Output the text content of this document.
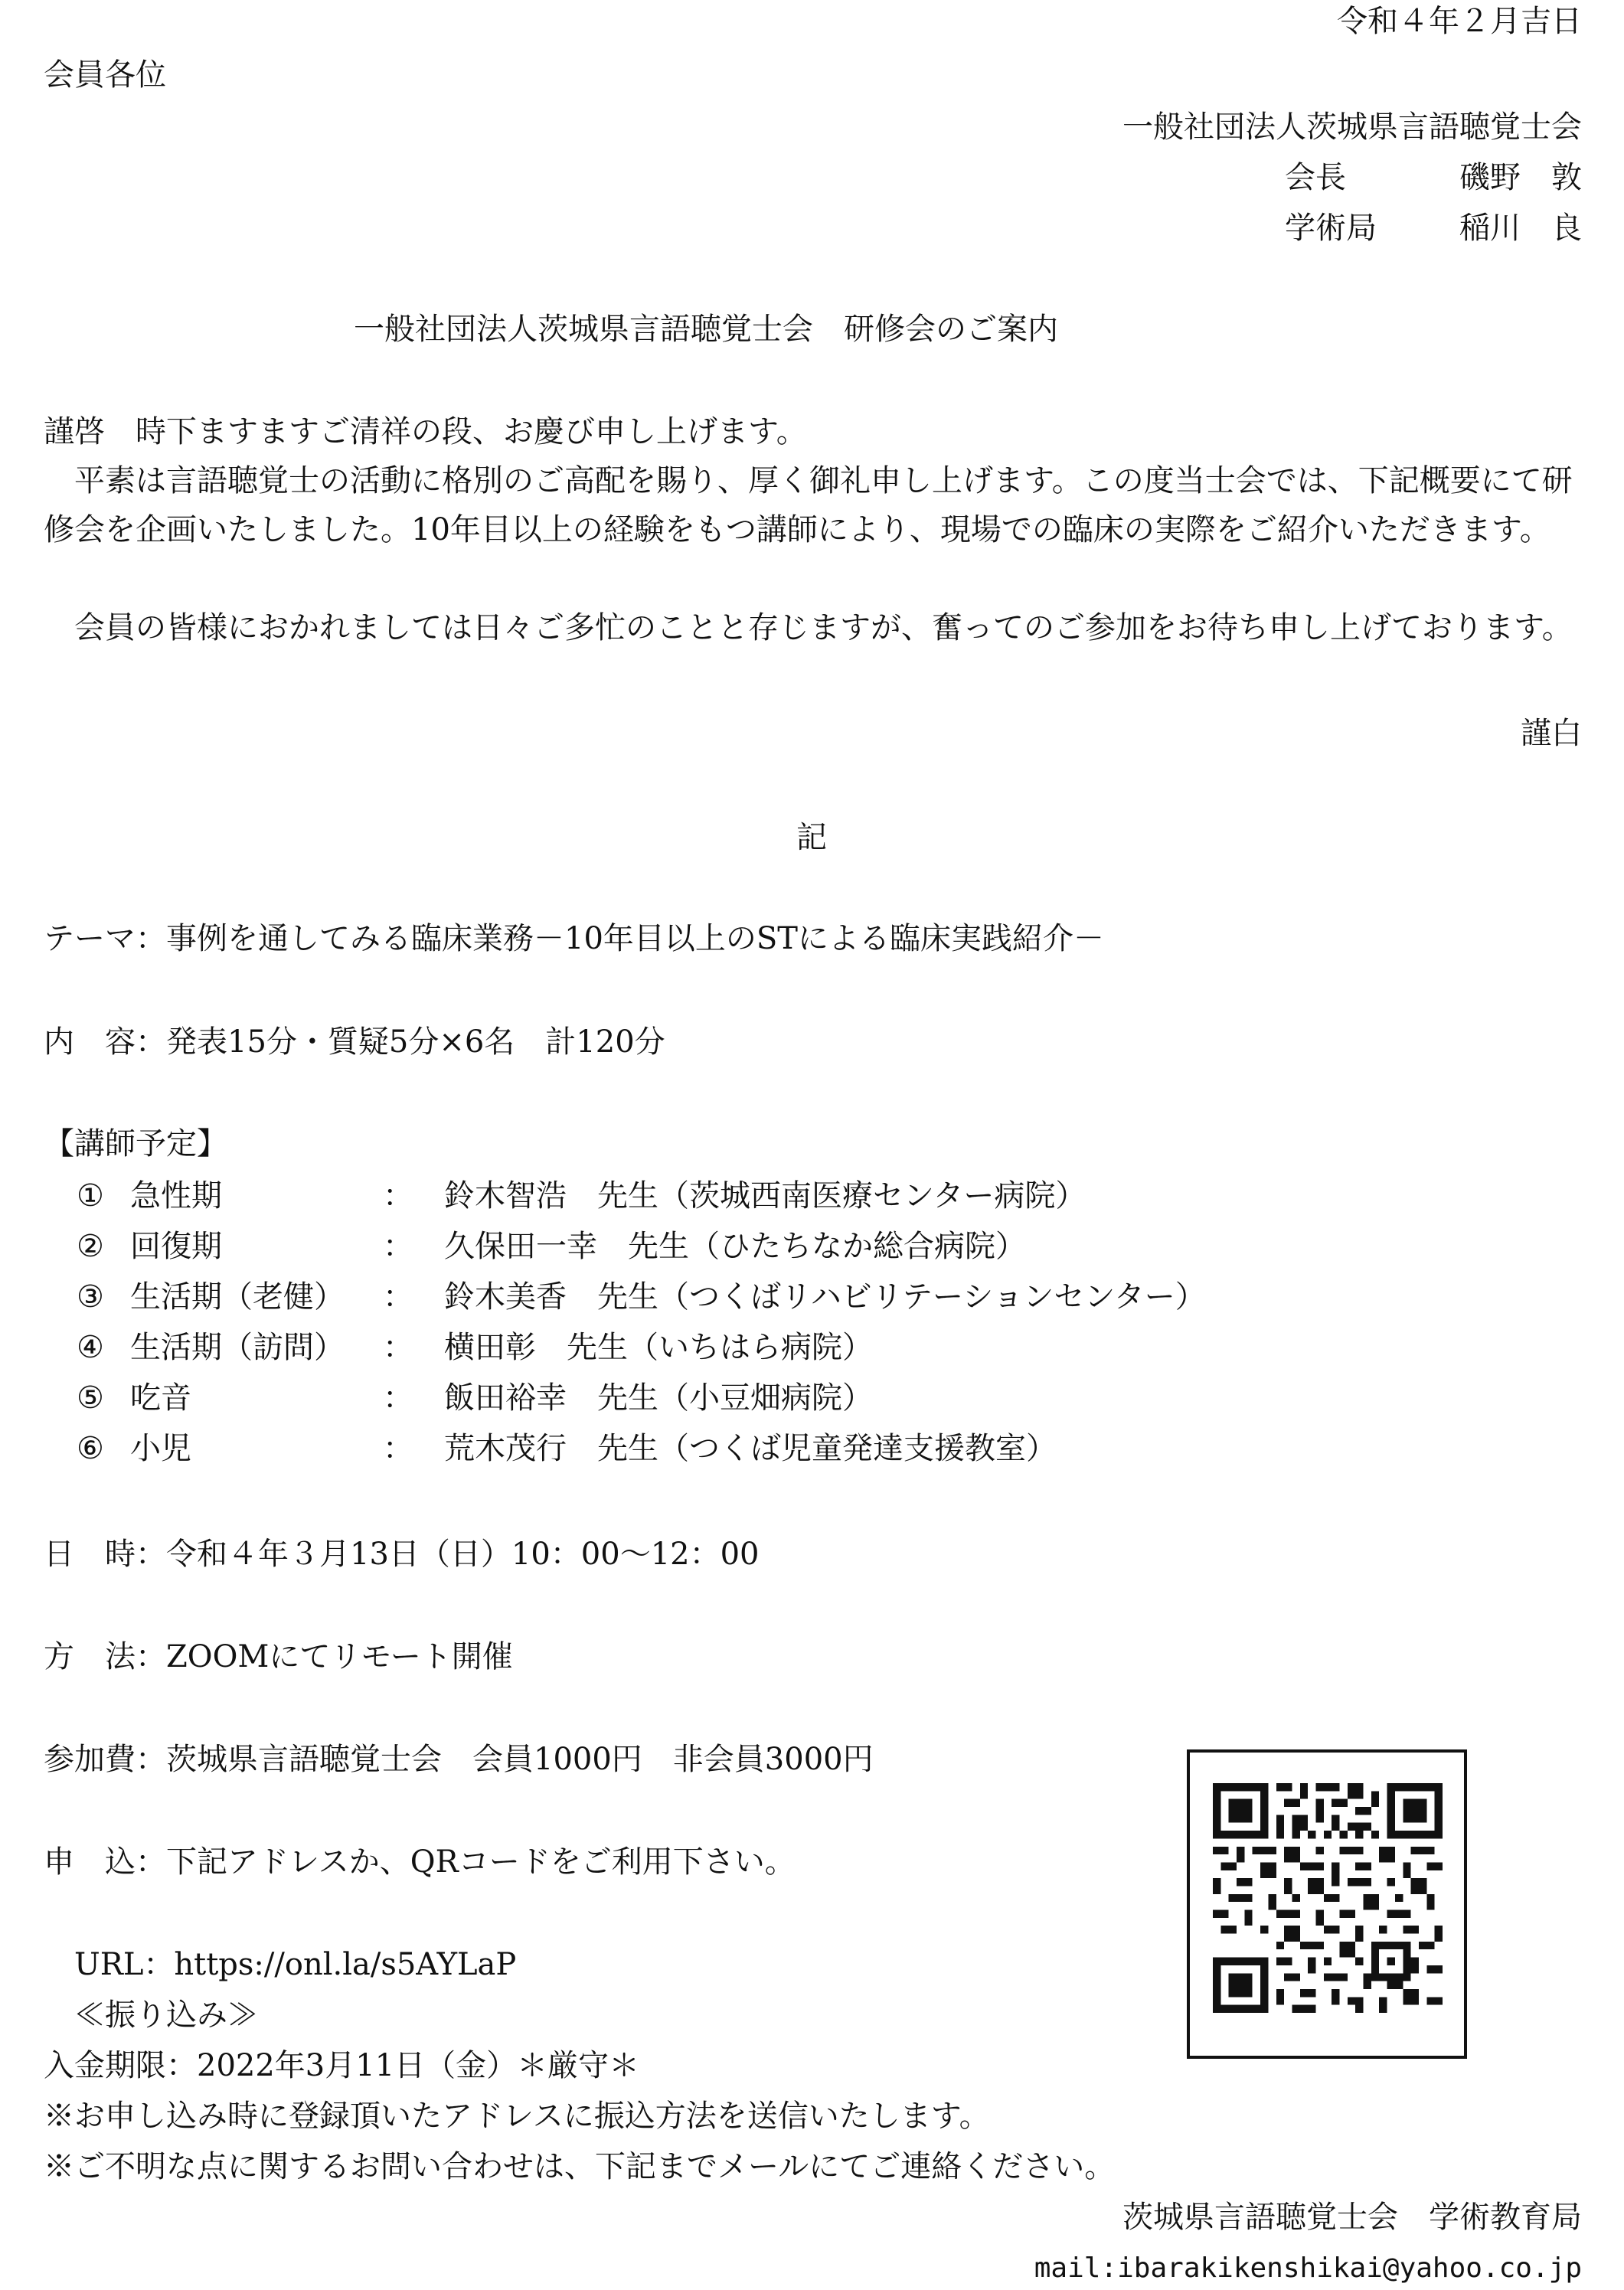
令和４年２月吉日
会員各位
一般社団法人茨城県言語聴覚士会
会長	磯野　敦
学術局	稲川　良
一般社団法人茨城県言語聴覚士会　研修会のご案内
謹啓　時下ますますご清祥の段、お慶び申し上げます。
平素は言語聴覚士の活動に格別のご高配を賜り、厚く御礼申し上げます。この度当士会では、下記概要にて研修会を企画いたしました。10年目以上の経験をもつ講師により、現場での臨床の実際をご紹介いただきます。
会員の皆様におかれましては日々ご多忙のことと存じますが、奮ってのご参加をお待ち申し上げております。
謹白
記
テーマ：事例を通してみる臨床業務－10年目以上のSTによる臨床実践紹介－
内　容：発表15分・質疑5分×6名　計120分
【講師予定】
① 急性期	： 鈴木智浩　先生（茨城西南医療センター病院）
② 回復期	： 久保田一幸　先生（ひたちなか総合病院）
③ 生活期（老健） ： 鈴木美香　先生（つくばリハビリテーションセンター）
④ 生活期（訪問） ： 横田彰　先生（いちはら病院）
⑤ 吃音	： 飯田裕幸　先生（小豆畑病院）
⑥ 小児	： 荒木茂行　先生（つくば児童発達支援教室）
日　時：令和４年３月13日（日）10：00～12：00
方　法：ZOOMにてリモート開催
参加費：茨城県言語聴覚士会　会員1000円　非会員3000円
申　込：下記アドレスか、QRコードをご利用下さい。
URL：https://onl.la/s5AYLaP
≪振り込み≫
入金期限：2022年3月11日（金）＊厳守＊
※お申し込み時に登録頂いたアドレスに振込方法を送信いたします。
※ご不明な点に関するお問い合わせは、下記までメールにてご連絡ください。
茨城県言語聴覚士会　学術教育局
mail:ibarakikenshikai@yahoo.co.jp
